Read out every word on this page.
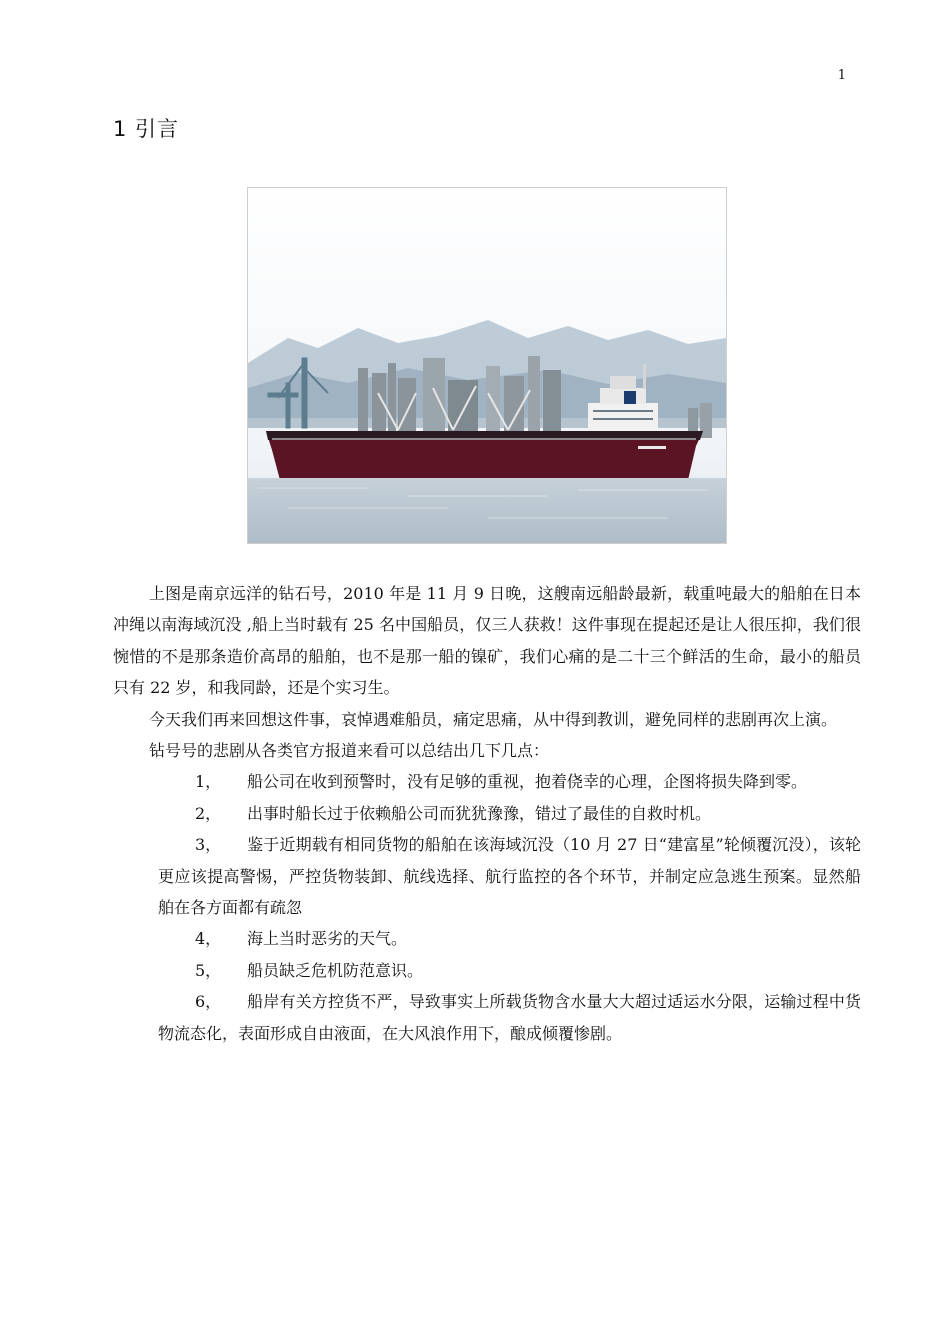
1
1 引言

上图是南京远洋的钻石号，2010 年是 11 月 9 日晚，这艘南远船龄最新，载重吨最大的船舶在日本冲绳以南海域沉没 ,船上当时载有 25 名中国船员，仅三人获救！这件事现在提起还是让人很压抑，我们很惋惜的不是那条造价高昂的船舶，也不是那一船的镍矿，我们心痛的是二十三个鲜活的生命，最小的船员只有 22 岁，和我同龄，还是个实习生。

今天我们再来回想这件事，哀悼遇难船员，痛定思痛，从中得到教训，避免同样的悲剧再次上演。

钻号号的悲剧从各类官方报道来看可以总结出几下几点：

1， 船公司在收到预警时，没有足够的重视，抱着侥幸的心理，企图将损失降到零。
2， 出事时船长过于依赖船公司而犹犹豫豫，错过了最佳的自救时机。
3， 鉴于近期载有相同货物的船舶在该海域沉没（10 月 27 日“建富星”轮倾覆沉没），该轮更应该提高警惕，严控货物装卸、航线选择、航行监控的各个环节，并制定应急逃生预案。显然船舶在各方面都有疏忽
4， 海上当时恶劣的天气。
5， 船员缺乏危机防范意识。
6， 船岸有关方控货不严，导致事实上所载货物含水量大大超过适运水分限，运输过程中货物流态化，表面形成自由液面，在大风浪作用下，酿成倾覆惨剧。
